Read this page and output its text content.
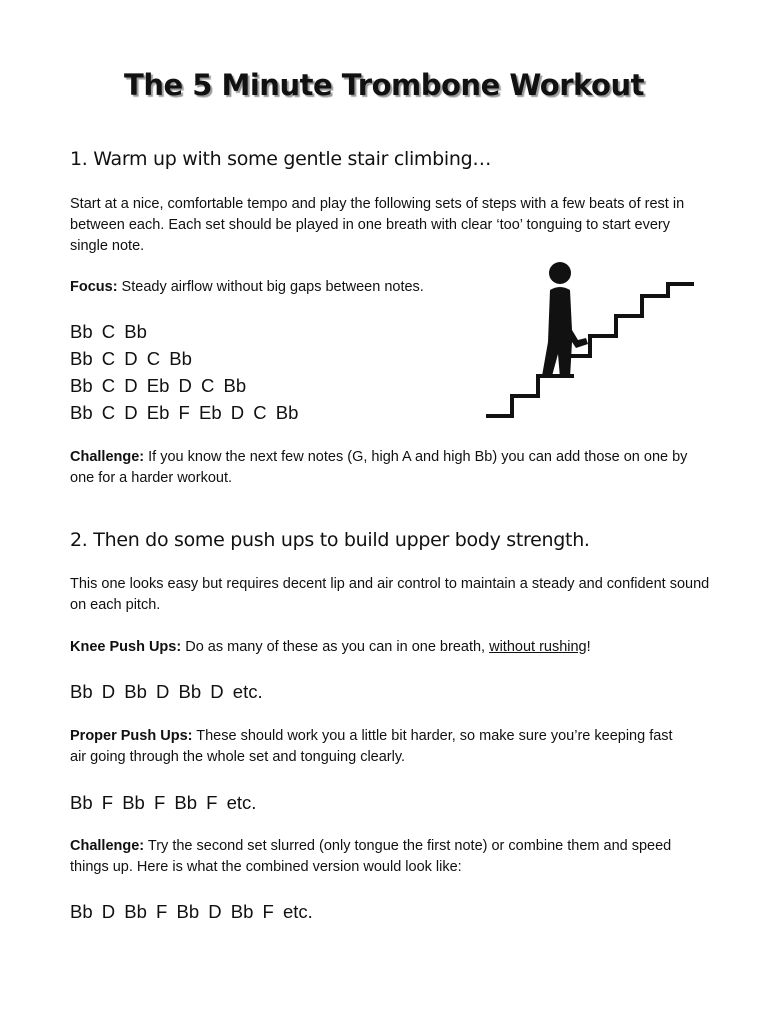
The 5 Minute Trombone Workout
1. Warm up with some gentle stair climbing…
Start at a nice, comfortable tempo and play the following sets of steps with a few beats of rest in between each. Each set should be played in one breath with clear ‘too’ tonguing to start every single note.
Focus: Steady airflow without big gaps between notes.
Bb C Bb
Bb C D C Bb
Bb C D Eb D C Bb
Bb C D Eb F Eb D C Bb
Challenge: If you know the next few notes (G, high A and high Bb) you can add those on one by one for a harder workout.
2. Then do some push ups to build upper body strength.
This one looks easy but requires decent lip and air control to maintain a steady and confident sound on each pitch.
Knee Push Ups: Do as many of these as you can in one breath, without rushing!
Bb D Bb D Bb D etc.
Proper Push Ups: These should work you a little bit harder, so make sure you’re keeping fast air going through the whole set and tonguing clearly.
Bb F Bb F Bb F etc.
Challenge: Try the second set slurred (only tongue the first note) or combine them and speed things up. Here is what the combined version would look like:
Bb D Bb F Bb D Bb F etc.
